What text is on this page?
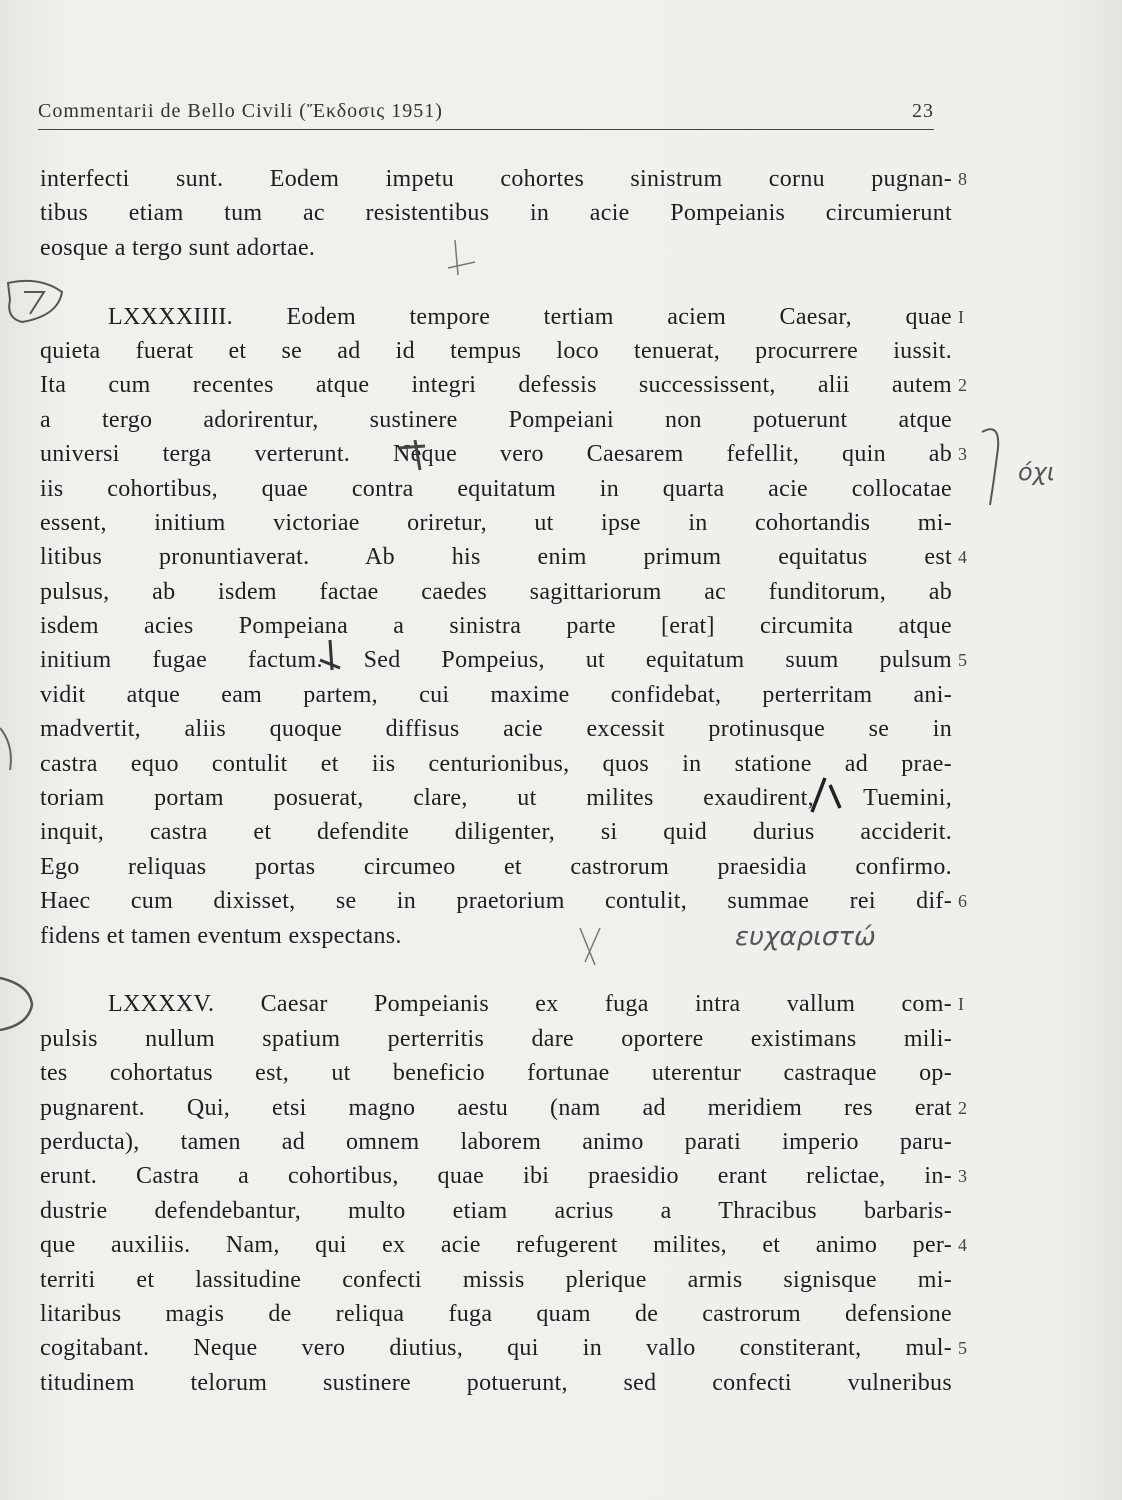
Commentarii de Bello Civili (Ἔκδοσις 1951)	23
interfecti sunt. Eodem impetu cohortes sinistrum cornu pugnan- 8
tibus etiam tum ac resistentibus in acie Pompeianis circumierunt
eosque a tergo sunt adortae.
LXXXXIIII. Eodem tempore tertiam aciem Caesar, quae I
quieta fuerat et se ad id tempus loco tenuerat, procurrere iussit.
Ita cum recentes atque integri defessis successissent, alii autem 2
a tergo adorirentur, sustinere Pompeiani non potuerunt atque
universi terga verterunt. Neque vero Caesarem fefellit, quin ab 3
iis cohortibus, quae contra equitatum in quarta acie collocatae
essent, initium victoriae oriretur, ut ipse in cohortandis mi-
litibus pronuntiaverat. Ab his enim primum equitatus est 4
pulsus, ab isdem factae caedes sagittariorum ac funditorum, ab
isdem acies Pompeiana a sinistra parte [erat] circumita atque
initium fugae factum. Sed Pompeius, ut equitatum suum pulsum 5
vidit atque eam partem, cui maxime confidebat, perterritam ani-
madvertit, aliis quoque diffisus acie excessit protinusque se in
castra equo contulit et iis centurionibus, quos in statione ad prae-
toriam portam posuerat, clare, ut milites exaudirent, Tuemini,
inquit, castra et defendite diligenter, si quid durius acciderit.
Ego reliquas portas circumeo et castrorum praesidia confirmo.
Haec cum dixisset, se in praetorium contulit, summae rei dif- 6
fidens et tamen eventum exspectans.
LXXXXV. Caesar Pompeianis ex fuga intra vallum com- I
pulsis nullum spatium perterritis dare oportere existimans mili-
tes cohortatus est, ut beneficio fortunae uterentur castraque op-
pugnarent. Qui, etsi magno aestu (nam ad meridiem res erat 2
perducta), tamen ad omnem laborem animo parati imperio paru-
erunt. Castra a cohortibus, quae ibi praesidio erant relictae, in- 3
dustrie defendebantur, multo etiam acrius a Thracibus barbaris-
que auxiliis. Nam, qui ex acie refugerent milites, et animo per- 4
territi et lassitudine confecti missis plerique armis signisque mi-
litaribus magis de reliqua fuga quam de castrorum defensione
cogitabant. Neque vero diutius, qui in vallo constiterant, mul- 5
titudinem telorum sustinere potuerunt, sed confecti vulneribus
όχι
ευχαριστώ
